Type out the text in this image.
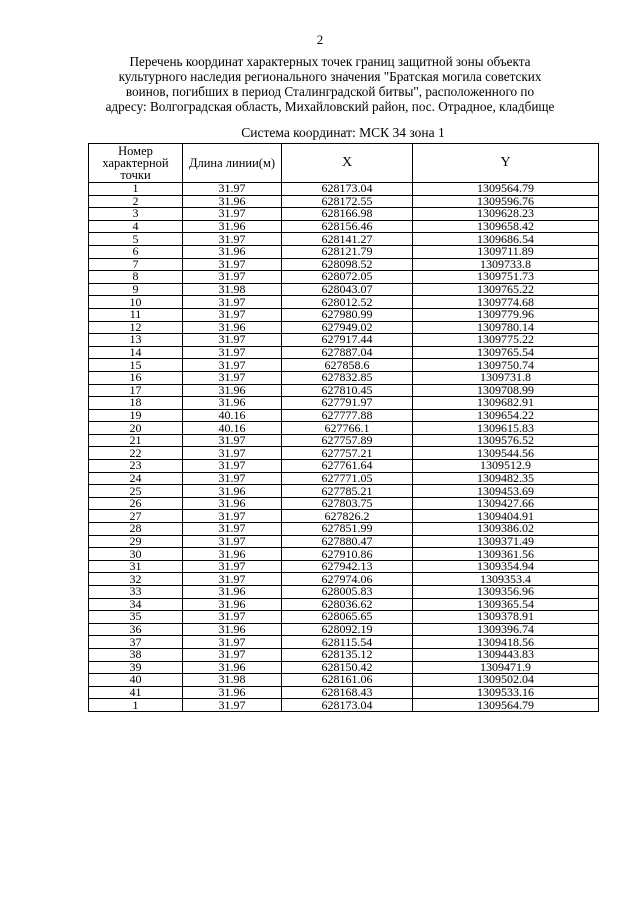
2
Перечень координат характерных точек границ защитной зоны объекта
культурного наследия регионального значения "Братская могила советских
воинов, погибших в период Сталинградской битвы", расположенного по
адресу: Волгоградская область, Михайловский район, пос. Отрадное, кладбище
Система координат: МСК 34 зона 1
Номер характерной точки	Длина линии(м)	X	Y
1	31.97	628173.04	1309564.79
2	31.96	628172.55	1309596.76
3	31.97	628166.98	1309628.23
4	31.96	628156.46	1309658.42
5	31.97	628141.27	1309686.54
6	31.96	628121.79	1309711.89
7	31.97	628098.52	1309733.8
8	31.97	628072.05	1309751.73
9	31.98	628043.07	1309765.22
10	31.97	628012.52	1309774.68
11	31.97	627980.99	1309779.96
12	31.96	627949.02	1309780.14
13	31.97	627917.44	1309775.22
14	31.97	627887.04	1309765.54
15	31.97	627858.6	1309750.74
16	31.97	627832.85	1309731.8
17	31.96	627810.45	1309708.99
18	31.96	627791.97	1309682.91
19	40.16	627777.88	1309654.22
20	40.16	627766.1	1309615.83
21	31.97	627757.89	1309576.52
22	31.97	627757.21	1309544.56
23	31.97	627761.64	1309512.9
24	31.97	627771.05	1309482.35
25	31.96	627785.21	1309453.69
26	31.96	627803.75	1309427.66
27	31.97	627826.2	1309404.91
28	31.97	627851.99	1309386.02
29	31.97	627880.47	1309371.49
30	31.96	627910.86	1309361.56
31	31.97	627942.13	1309354.94
32	31.97	627974.06	1309353.4
33	31.96	628005.83	1309356.96
34	31.96	628036.62	1309365.54
35	31.97	628065.65	1309378.91
36	31.96	628092.19	1309396.74
37	31.97	628115.54	1309418.56
38	31.97	628135.12	1309443.83
39	31.96	628150.42	1309471.9
40	31.98	628161.06	1309502.04
41	31.96	628168.43	1309533.16
1	31.97	628173.04	1309564.79
